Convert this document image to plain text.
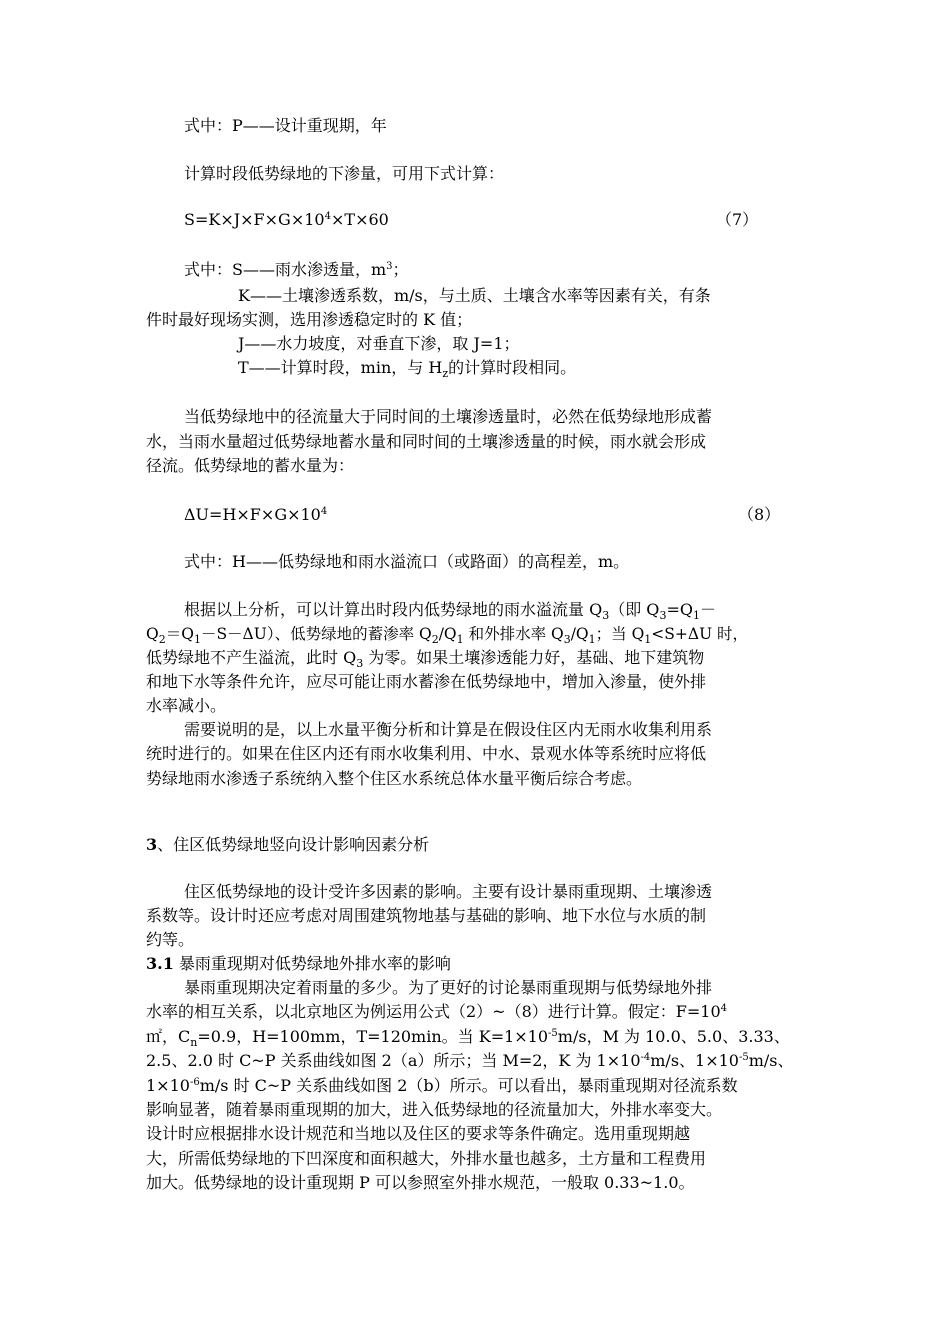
式中：P——设计重现期，年
计算时段低势绿地的下渗量，可用下式计算：
$S=K\times J\times F\times G\times 10^4\times T\times 60$	（7）
式中：S——雨水渗透量，$m^3$；
K——土壤渗透系数，m/s，与土质、土壤含水率等因素有关，有条
件时最好现场实测，选用渗透稳定时的 K 值；
J——水力坡度，对垂直下渗，取 J=1；
T——计算时段，min，与 $H_z$的计算时段相同。
当低势绿地中的径流量大于同时间的土壤渗透量时，必然在低势绿地形成蓄
水，当雨水量超过低势绿地蓄水量和同时间的土壤渗透量的时候，雨水就会形成
径流。低势绿地的蓄水量为：
$\Delta U=H\times F\times G\times 10^4$	（8）
式中：H——低势绿地和雨水溢流口（或路面）的高程差，m。
根据以上分析，可以计算出时段内低势绿地的雨水溢流量 $Q_3$（即 $Q_3=Q_1-$
$Q_2=Q_1-S-\Delta U$）、低势绿地的蓄渗率 $Q_2/Q_1$ 和外排水率 $Q_3/Q_1$；当 $Q_1<S+\Delta U$ 时，
低势绿地不产生溢流，此时 $Q_3$ 为零。如果土壤渗透能力好，基础、地下建筑物
和地下水等条件允许，应尽可能让雨水蓄渗在低势绿地中，增加入渗量，使外排
水率减小。
需要说明的是，以上水量平衡分析和计算是在假设住区内无雨水收集利用系
统时进行的。如果在住区内还有雨水收集利用、中水、景观水体等系统时应将低
势绿地雨水渗透子系统纳入整个住区水系统总体水量平衡后综合考虑。
3、住区低势绿地竖向设计影响因素分析
住区低势绿地的设计受许多因素的影响。主要有设计暴雨重现期、土壤渗透
系数等。设计时还应考虑对周围建筑物地基与基础的影响、地下水位与水质的制
约等。
3.1 暴雨重现期对低势绿地外排水率的影响
暴雨重现期决定着雨量的多少。为了更好的讨论暴雨重现期与低势绿地外排
水率的相互关系，以北京地区为例运用公式（2）~（8）进行计算。假定：$F=10^4$
㎡，$C_n=0.9$，H=100mm，T=120min。当 $K=1\times 10^{-5}m/s$，M 为 10.0、5.0、3.33、
2.5、2.0 时 C~P 关系曲线如图 2（a）所示；当 M=2，K 为 $1\times 10^{-4}m/s$、$1\times 10^{-5}m/s$、
$1\times 10^{-6}m/s$ 时 C~P 关系曲线如图 2（b）所示。可以看出，暴雨重现期对径流系数
影响显著，随着暴雨重现期的加大，进入低势绿地的径流量加大，外排水率变大。
设计时应根据排水设计规范和当地以及住区的要求等条件确定。选用重现期越
大，所需低势绿地的下凹深度和面积越大，外排水量也越多，土方量和工程费用
加大。低势绿地的设计重现期 P 可以参照室外排水规范，一般取 0.33~1.0。
